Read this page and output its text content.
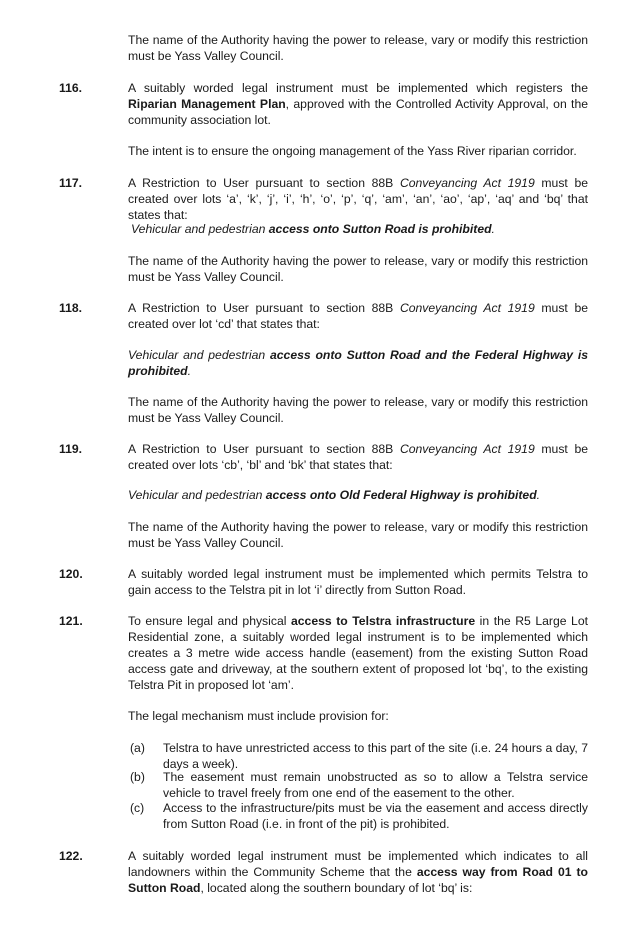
The name of the Authority having the power to release, vary or modify this restriction must be Yass Valley Council.

116.	A suitably worded legal instrument must be implemented which registers the Riparian Management Plan, approved with the Controlled Activity Approval, on the community association lot.

The intent is to ensure the ongoing management of the Yass River riparian corridor.

117.	A Restriction to User pursuant to section 88B Conveyancing Act 1919 must be created over lots ‘a’, ‘k’, ‘j’, ‘i’, ‘h’, ‘o’, ‘p’, ‘q’, ‘am’, ‘an’, ‘ao’, ‘ap’, ‘aq’ and ‘bq’ that states that:

Vehicular and pedestrian access onto Sutton Road is prohibited.

The name of the Authority having the power to release, vary or modify this restriction must be Yass Valley Council.

118.	A Restriction to User pursuant to section 88B Conveyancing Act 1919 must be created over lot ‘cd’ that states that:

Vehicular and pedestrian access onto Sutton Road and the Federal Highway is prohibited.

The name of the Authority having the power to release, vary or modify this restriction must be Yass Valley Council.

119.	A Restriction to User pursuant to section 88B Conveyancing Act 1919 must be created over lots ‘cb’, ‘bl’ and ‘bk’ that states that:

Vehicular and pedestrian access onto Old Federal Highway is prohibited.

The name of the Authority having the power to release, vary or modify this restriction must be Yass Valley Council.

120.	A suitably worded legal instrument must be implemented which permits Telstra to gain access to the Telstra pit in lot ‘i’ directly from Sutton Road.

121.	To ensure legal and physical access to Telstra infrastructure in the R5 Large Lot Residential zone, a suitably worded legal instrument is to be implemented which creates a 3 metre wide access handle (easement) from the existing Sutton Road access gate and driveway, at the southern extent of proposed lot ‘bq’, to the existing Telstra Pit in proposed lot ‘am’.

The legal mechanism must include provision for:

(a) Telstra to have unrestricted access to this part of the site (i.e. 24 hours a day, 7 days a week).

(b) The easement must remain unobstructed as so to allow a Telstra service vehicle to travel freely from one end of the easement to the other.

(c) Access to the infrastructure/pits must be via the easement and access directly from Sutton Road (i.e. in front of the pit) is prohibited.

122.	A suitably worded legal instrument must be implemented which indicates to all landowners within the Community Scheme that the access way from Road 01 to Sutton Road, located along the southern boundary of lot ‘bq’ is:
